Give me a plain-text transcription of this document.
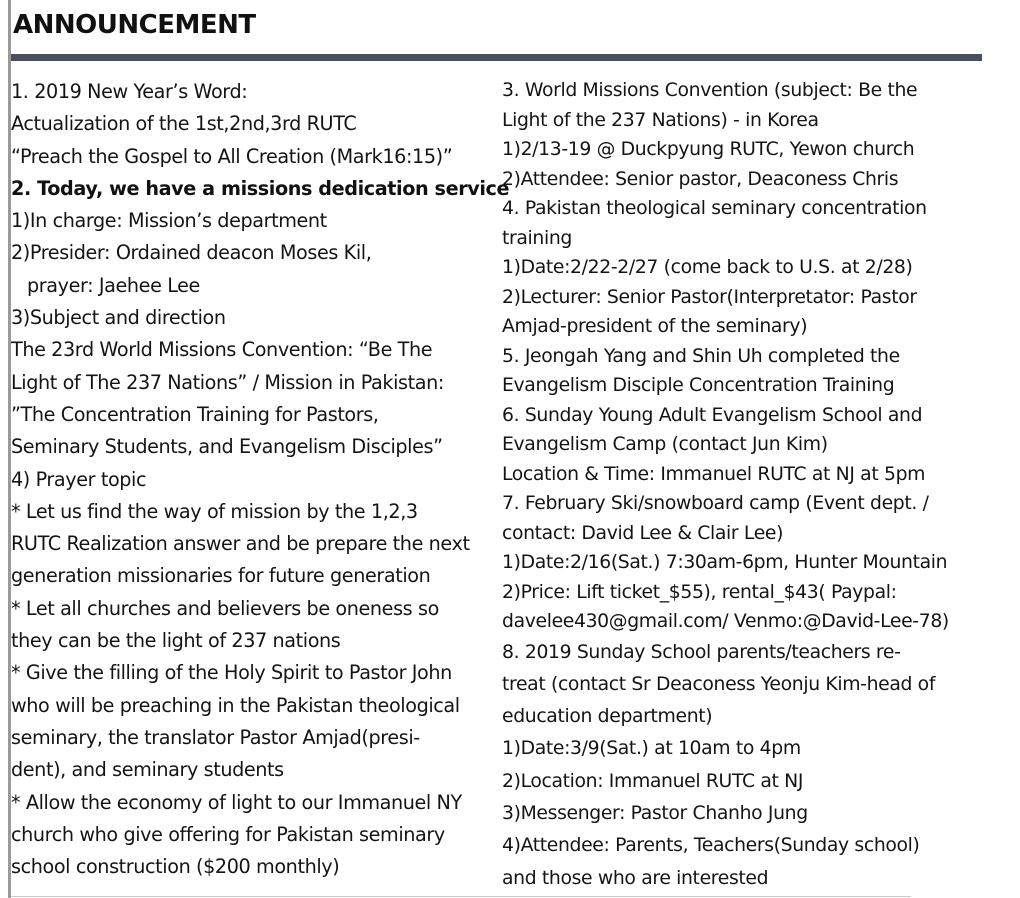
ANNOUNCEMENT
1. 2019 New Year’s Word:
Actualization of the 1st,2nd,3rd RUTC
“Preach the Gospel to All Creation (Mark16:15)”
2. Today, we have a missions dedication service
1)In charge: Mission’s department
2)Presider: Ordained deacon Moses Kil,
prayer: Jaehee Lee
3)Subject and direction
The 23rd World Missions Convention: “Be The
Light of The 237 Nations” / Mission in Pakistan:
”The Concentration Training for Pastors,
Seminary Students, and Evangelism Disciples”
4) Prayer topic
* Let us find the way of mission by the 1,2,3
RUTC Realization answer and be prepare the next
generation missionaries for future generation
* Let all churches and believers be oneness so
they can be the light of 237 nations
* Give the filling of the Holy Spirit to Pastor John
who will be preaching in the Pakistan theological
seminary, the translator Pastor Amjad(presi-
dent), and seminary students
* Allow the economy of light to our Immanuel NY
church who give offering for Pakistan seminary
school construction ($200 monthly)
3. World Missions Convention (subject: Be the
Light of the 237 Nations) - in Korea
1)2/13-19 @ Duckpyung RUTC, Yewon church
2)Attendee: Senior pastor, Deaconess Chris
4. Pakistan theological seminary concentration
training
1)Date:2/22-2/27 (come back to U.S. at 2/28)
2)Lecturer: Senior Pastor(Interpretator: Pastor
Amjad-president of the seminary)
5. Jeongah Yang and Shin Uh completed the
Evangelism Disciple Concentration Training
6. Sunday Young Adult Evangelism School and
Evangelism Camp (contact Jun Kim)
Location & Time: Immanuel RUTC at NJ at 5pm
7. February Ski/snowboard camp (Event dept. /
contact: David Lee & Clair Lee)
1)Date:2/16(Sat.) 7:30am-6pm, Hunter Mountain
2)Price: Lift ticket_$55), rental_$43( Paypal:
davelee430@gmail.com/ Venmo:@David-Lee-78)
8. 2019 Sunday School parents/teachers re-
treat (contact Sr Deaconess Yeonju Kim-head of
education department)
1)Date:3/9(Sat.) at 10am to 4pm
2)Location: Immanuel RUTC at NJ
3)Messenger: Pastor Chanho Jung
4)Attendee: Parents, Teachers(Sunday school)
and those who are interested
